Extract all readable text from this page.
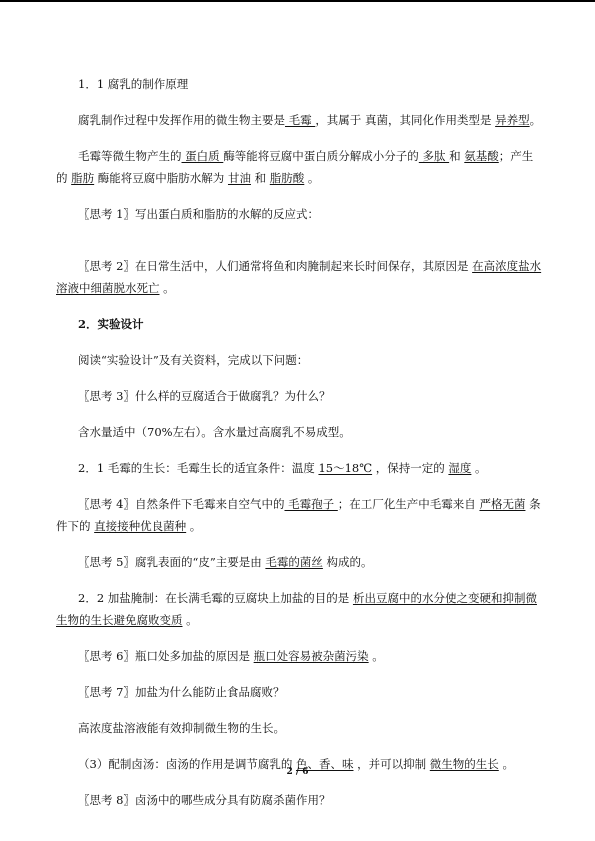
1．1 腐乳的制作原理

腐乳制作过程中发挥作用的微生物主要是 毛霉 ，其属于 真菌，其同化作用类型是 异养型。

毛霉等微生物产生的 蛋白质 酶等能将豆腐中蛋白质分解成小分子的 多肽 和 氨基酸；产生的 脂肪 酶能将豆腐中脂肪水解为 甘油 和 脂肪酸 。

〖思考 1〗写出蛋白质和脂肪的水解的反应式：

〖思考 2〗在日常生活中，人们通常将鱼和肉腌制起来长时间保存，其原因是 在高浓度盐水溶液中细菌脱水死亡 。

2．实验设计

阅读“实验设计”及有关资料，完成以下问题：

〖思考 3〗什么样的豆腐适合于做腐乳？为什么？

含水量适中（70%左右）。含水量过高腐乳不易成型。

2．1 毛霉的生长：毛霉生长的适宜条件：温度 15～18℃ ，保持一定的 湿度 。

〖思考 4〗自然条件下毛霉来自空气中的 毛霉孢子 ；在工厂化生产中毛霉来自 严格无菌 条件下的 直接接种优良菌种 。

〖思考 5〗腐乳表面的“皮”主要是由 毛霉的菌丝 构成的。

2．2 加盐腌制：在长满毛霉的豆腐块上加盐的目的是 析出豆腐中的水分使之变硬和抑制微生物的生长避免腐败变质 。

〖思考 6〗瓶口处多加盐的原因是 瓶口处容易被杂菌污染 。

〖思考 7〗加盐为什么能防止食品腐败？

高浓度盐溶液能有效抑制微生物的生长。

（3）配制卤汤：卤汤的作用是调节腐乳的 色、香、味 ，并可以抑制 微生物的生长 。

〖思考 8〗卤汤中的哪些成分具有防腐杀菌作用？

2 / 6
